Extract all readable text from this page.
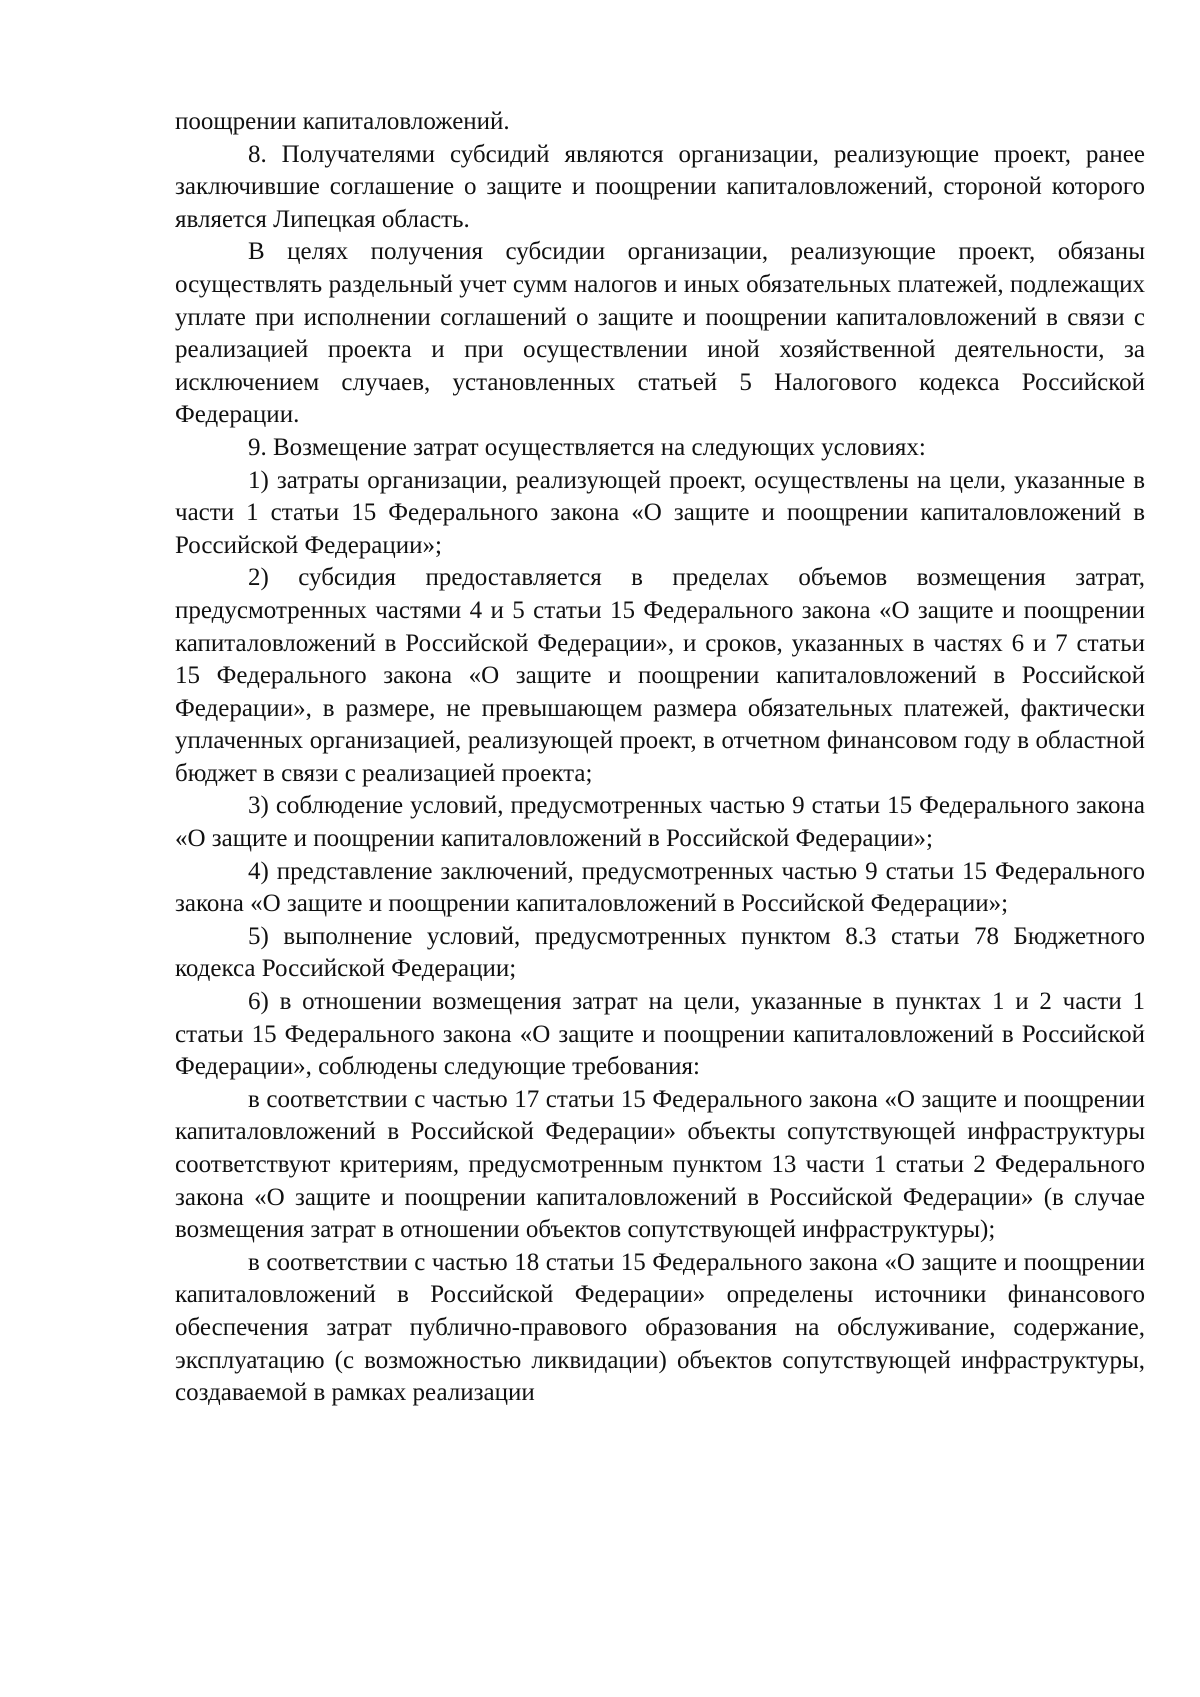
поощрении капиталовложений.

8. Получателями субсидий являются организации, реализующие проект, ранее заключившие соглашение о защите и поощрении капиталовложений, стороной которого является Липецкая область.

В целях получения субсидии организации, реализующие проект, обязаны осуществлять раздельный учет сумм налогов и иных обязательных платежей, подлежащих уплате при исполнении соглашений о защите и поощрении капиталовложений в связи с реализацией проекта и при осуществлении иной хозяйственной деятельности, за исключением случаев, установленных статьей 5 Налогового кодекса Российской Федерации.

9. Возмещение затрат осуществляется на следующих условиях:

1) затраты организации, реализующей проект, осуществлены на цели, указанные в части 1 статьи 15 Федерального закона «О защите и поощрении капиталовложений в Российской Федерации»;

2) субсидия предоставляется в пределах объемов возмещения затрат, предусмотренных частями 4 и 5 статьи 15 Федерального закона «О защите и поощрении капиталовложений в Российской Федерации», и сроков, указанных в частях 6 и 7 статьи 15 Федерального закона «О защите и поощрении капиталовложений в Российской Федерации», в размере, не превышающем размера обязательных платежей, фактически уплаченных организацией, реализующей проект, в отчетном финансовом году в областной бюджет в связи с реализацией проекта;

3) соблюдение условий, предусмотренных частью 9 статьи 15 Федерального закона «О защите и поощрении капиталовложений в Российской Федерации»;

4) представление заключений, предусмотренных частью 9 статьи 15 Федерального закона «О защите и поощрении капиталовложений в Российской Федерации»;

5) выполнение условий, предусмотренных пунктом 8.3 статьи 78 Бюджетного кодекса Российской Федерации;

6) в отношении возмещения затрат на цели, указанные в пунктах 1 и 2 части 1 статьи 15 Федерального закона «О защите и поощрении капиталовложений в Российской Федерации», соблюдены следующие требования:

в соответствии с частью 17 статьи 15 Федерального закона «О защите и поощрении капиталовложений в Российской Федерации» объекты сопутствующей инфраструктуры соответствуют критериям, предусмотренным пунктом 13 части 1 статьи 2 Федерального закона «О защите и поощрении капиталовложений в Российской Федерации» (в случае возмещения затрат в отношении объектов сопутствующей инфраструктуры);

в соответствии с частью 18 статьи 15 Федерального закона «О защите и поощрении капиталовложений в Российской Федерации» определены источники финансового обеспечения затрат публично-правового образования на обслуживание, содержание, эксплуатацию (с возможностью ликвидации) объектов сопутствующей инфраструктуры, создаваемой в рамках реализации
